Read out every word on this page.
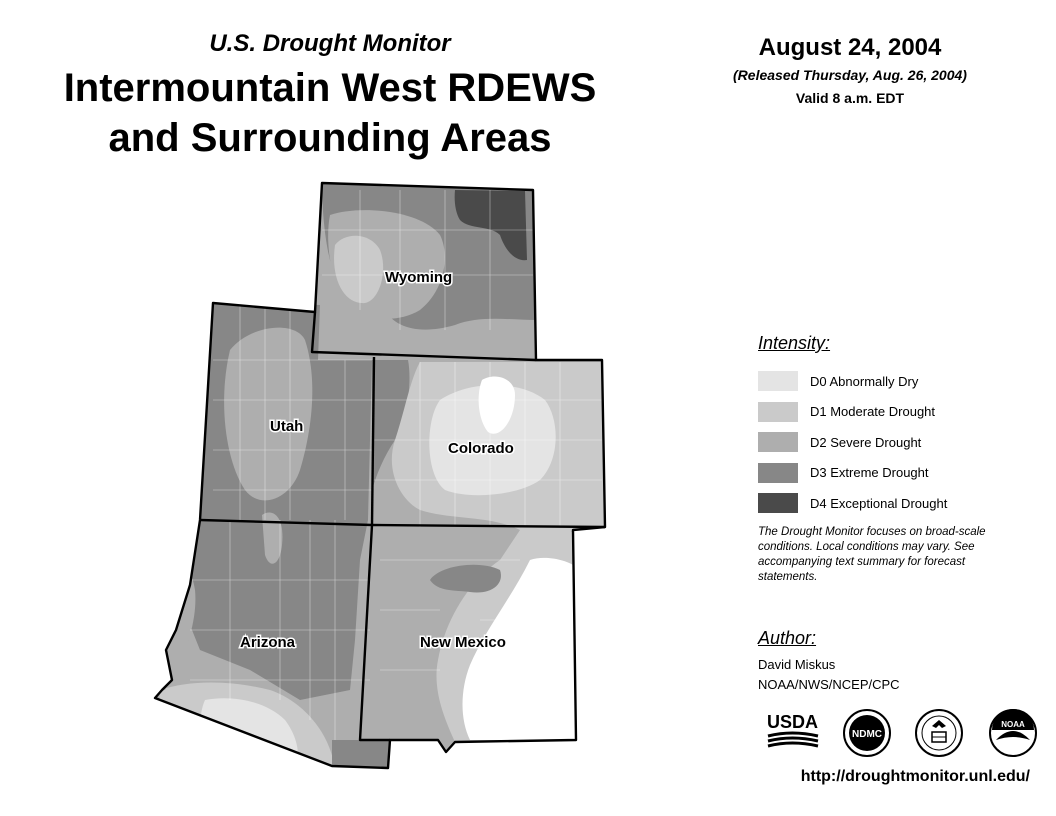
U.S. Drought Monitor
Intermountain West RDEWS
and Surrounding Areas
August 24, 2004
(Released Thursday, Aug. 26, 2004)
Valid 8 a.m. EDT
Wyoming
Utah
Colorado
Arizona	New Mexico
Intensity:
D0 Abnormally Dry
D1 Moderate Drought
D2 Severe Drought
D3 Extreme Drought
D4 Exceptional Drought
The Drought Monitor focuses on broad-scale conditions. Local conditions may vary. See accompanying text summary for forecast statements.
Author:
David Miskus
NOAA/NWS/NCEP/CPC
USDA
NDMC
NOAA
http://droughtmonitor.unl.edu/
